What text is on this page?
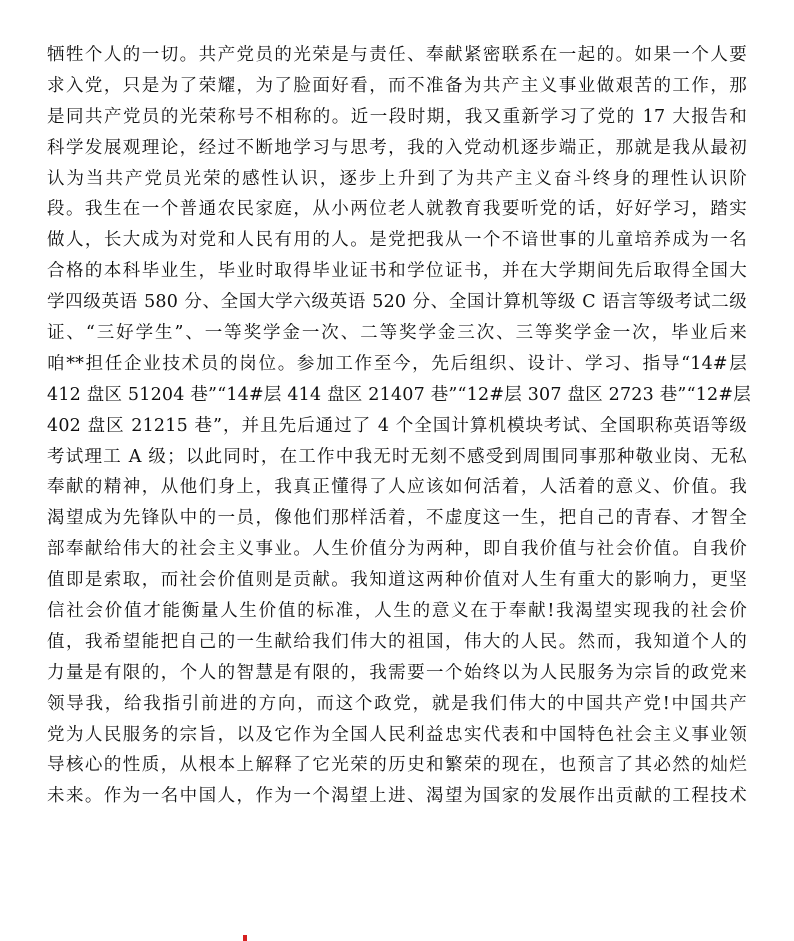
牺牲个人的一切。共产党员的光荣是与责任、奉献紧密联系在一起的。如果一个人要
求入党，只是为了荣耀，为了脸面好看，而不准备为共产主义事业做艰苦的工作，那
是同共产党员的光荣称号不相称的。近一段时期，我又重新学习了党的 17 大报告和
科学发展观理论，经过不断地学习与思考，我的入党动机逐步端正，那就是我从最初
认为当共产党员光荣的感性认识，逐步上升到了为共产主义奋斗终身的理性认识阶
段。我生在一个普通农民家庭，从小两位老人就教育我要听党的话，好好学习，踏实
做人，长大成为对党和人民有用的人。是党把我从一个不谙世事的儿童培养成为一名
合格的本科毕业生，毕业时取得毕业证书和学位证书，并在大学期间先后取得全国大
学四级英语 580 分、全国大学六级英语 520 分、全国计算机等级 C 语言等级考试二级
证、“三好学生”、一等奖学金一次、二等奖学金三次、三等奖学金一次，毕业后来
咱**担任企业技术员的岗位。参加工作至今，先后组织、设计、学习、指导“14#层
412 盘区 51204 巷”“14#层 414 盘区 21407 巷”“12#层 307 盘区 2723 巷”“12#层
402 盘区 21215 巷”，并且先后通过了 4 个全国计算机模块考试、全国职称英语等级
考试理工 A 级；以此同时，在工作中我无时无刻不感受到周围同事那种敬业岗、无私
奉献的精神，从他们身上，我真正懂得了人应该如何活着，人活着的意义、价值。我
渴望成为先锋队中的一员，像他们那样活着，不虚度这一生，把自己的青春、才智全
部奉献给伟大的社会主义事业。人生价值分为两种，即自我价值与社会价值。自我价
值即是索取，而社会价值则是贡献。我知道这两种价值对人生有重大的影响力，更坚
信社会价值才能衡量人生价值的标准，人生的意义在于奉献!我渴望实现我的社会价
值，我希望能把自己的一生献给我们伟大的祖国，伟大的人民。然而，我知道个人的
力量是有限的，个人的智慧是有限的，我需要一个始终以为人民服务为宗旨的政党来
领导我，给我指引前进的方向，而这个政党，就是我们伟大的中国共产党!中国共产
党为人民服务的宗旨，以及它作为全国人民利益忠实代表和中国特色社会主义事业领
导核心的性质，从根本上解释了它光荣的历史和繁荣的现在，也预言了其必然的灿烂
未来。作为一名中国人，作为一个渴望上进、渴望为国家的发展作出贡献的工程技术
